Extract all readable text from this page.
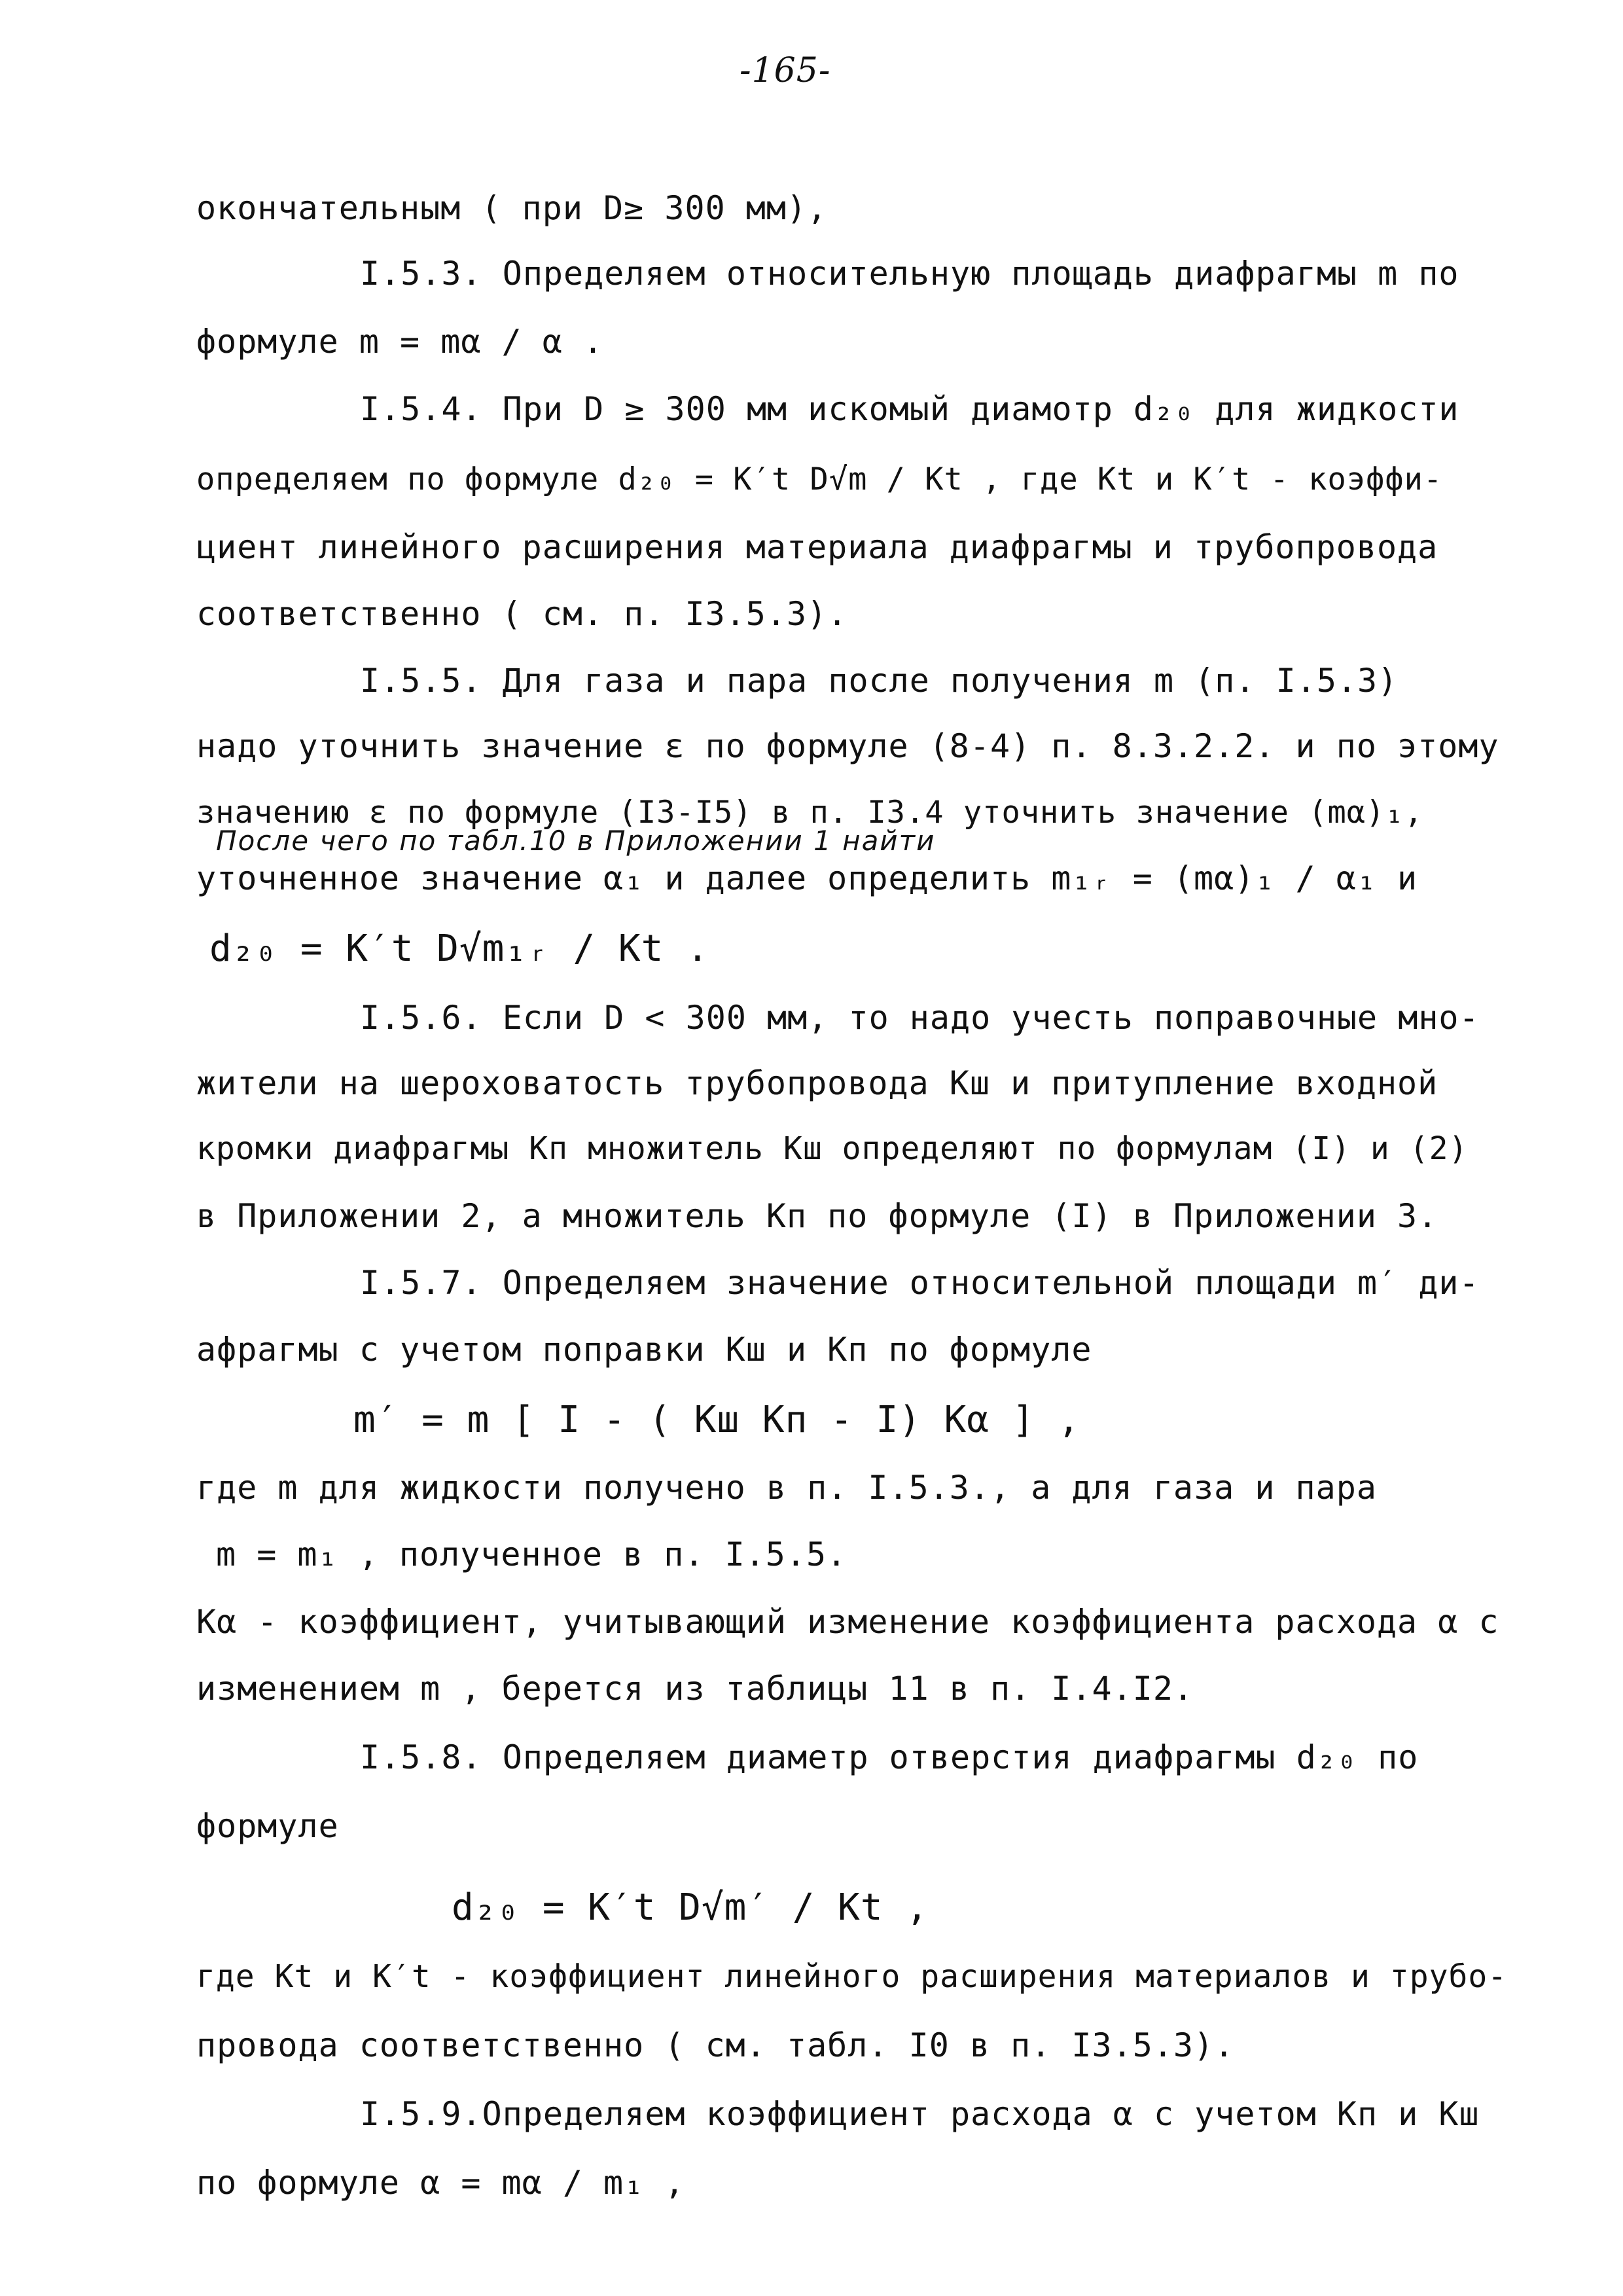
-165-
окончательным ( при D≥ 300 мм),
I.5.3. Определяем относительную площадь диафрагмы m по
формуле m = mα / α .
I.5.4. При D ≥ 300 мм искомый диамотр d₂₀ для жидкости
определяем по формуле d₂₀ = K′t D√m / Kt , где Kt и K′t - коэффи-
циент линейного расширения материала диафрагмы и трубопровода
соответственно ( см. п. I3.5.3).
I.5.5. Для газа и пара после получения m (п. I.5.3)
надо уточнить значение ε по формуле (8-4) п. 8.3.2.2. и по этому
значению ε по формуле (I3-I5) в п. I3.4 уточнить значение (mα)₁,
После чего по табл.10 в Приложении 1 найти
уточненное значение α₁ и далее определить m₁ᵣ = (mα)₁ / α₁ и
d₂₀ = K′t D√m₁ᵣ / Kt .
I.5.6. Если D < 300 мм, то надо учесть поправочные мно-
жители на шероховатость трубопровода Kш и притупление входной
кромки диафрагмы Kп множитель Kш определяют по формулам (I) и (2)
в Приложении 2, а множитель Kп по формуле (I) в Приложении 3.
I.5.7. Определяем значение относительной площади m′ ди-
афрагмы с учетом поправки Kш и Kп по формуле
m′ = m [ I - ( Kш Kп - I) Kα ] ,
где m для жидкости получено в п. I.5.3., а для газа и пара
m = m₁ , полученное в п. I.5.5.
Kα - коэффициент, учитывающий изменение коэффициента расхода α с
изменением m , берется из таблицы 11 в п. I.4.I2.
I.5.8. Определяем диаметр отверстия диафрагмы d₂₀ по
формуле
d₂₀ = K′t D√m′ / Kt ,
где Kt и K′t - коэффициент линейного расширения материалов и трубо-
провода соответственно ( см. табл. I0 в п. I3.5.3).
I.5.9.Определяем коэффициент расхода α с учетом Kп и Kш
по формуле α = mα / m₁ ,
